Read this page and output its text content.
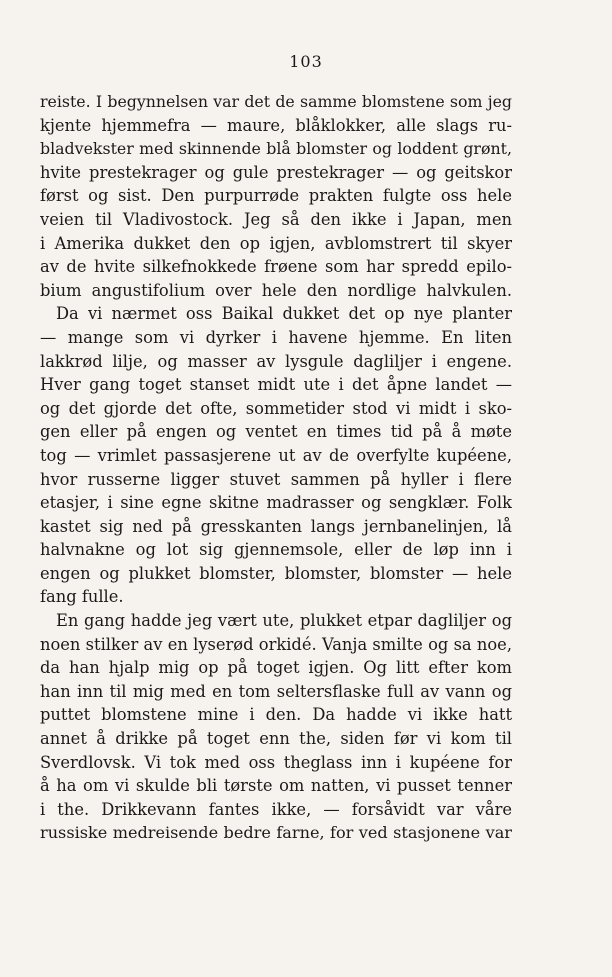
103

reiste. I begynnelsen var det de samme blomstene som jeg
kjente hjemmefra — maure, blåklokker, alle slags ru-
bladvekster med skinnende blå blomster og loddent grønt,
hvite prestekrager og gule prestekrager — og geitskor
først og sist. Den purpurrøde prakten fulgte oss hele
veien til Vladivostock. Jeg så den ikke i Japan, men
i Amerika dukket den op igjen, avblomstrert til skyer
av de hvite silkefnokkede frøene som har spredd epilo-
bium angustifolium over hele den nordlige halvkulen.

Da vi nærmet oss Baikal dukket det op nye planter
— mange som vi dyrker i havene hjemme. En liten
lakkrød lilje, og masser av lysgule dagliljer i engene.
Hver gang toget stanset midt ute i det åpne landet —
og det gjorde det ofte, sommetider stod vi midt i sko-
gen eller på engen og ventet en times tid på å møte
tog — vrimlet passasjerene ut av de overfylte kupéene,
hvor russerne ligger stuvet sammen på hyller i flere
etasjer, i sine egne skitne madrasser og sengklær. Folk
kastet sig ned på gresskanten langs jernbanelinjen, lå
halvnakne og lot sig gjennemsole, eller de løp inn i
engen og plukket blomster, blomster, blomster — hele
fang fulle.

En gang hadde jeg vært ute, plukket etpar dagliljer og
noen stilker av en lyserød orkidé. Vanja smilte og sa noe,
da han hjalp mig op på toget igjen. Og litt efter kom
han inn til mig med en tom seltersflaske full av vann og
puttet blomstene mine i den. Da hadde vi ikke hatt
annet å drikke på toget enn the, siden før vi kom til
Sverdlovsk. Vi tok med oss theglass inn i kupéene for
å ha om vi skulde bli tørste om natten, vi pusset tenner
i the. Drikkevann fantes ikke, — forsåvidt var våre
russiske medreisende bedre farne, for ved stasjonene var
